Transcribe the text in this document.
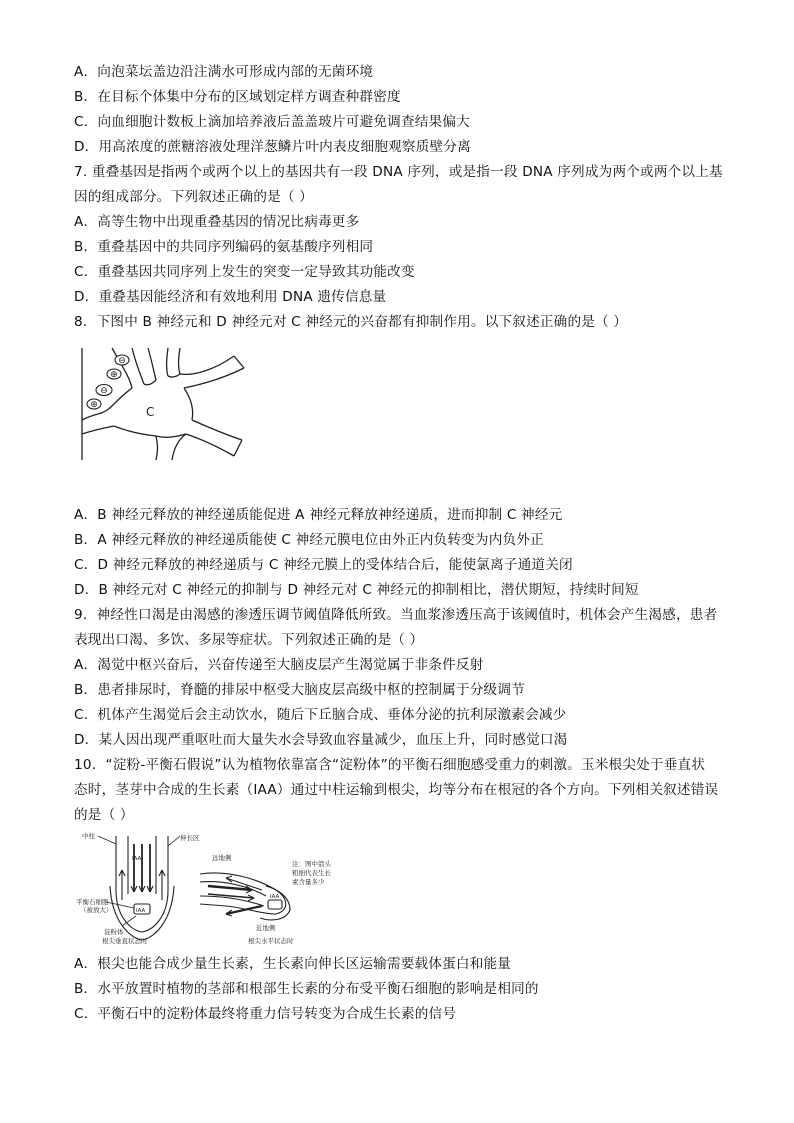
A．向泡菜坛盖边沿注满水可形成内部的无菌环境
B．在目标个体集中分布的区域划定样方调查种群密度
C．向血细胞计数板上滴加培养液后盖盖玻片可避免调查结果偏大
D．用高浓度的蔗糖溶液处理洋葱鳞片叶内表皮细胞观察质壁分离
7. 重叠基因是指两个或两个以上的基因共有一段 DNA 序列，或是指一段 DNA 序列成为两个或两个以上基
因的组成部分。下列叙述正确的是（ ）
A．高等生物中出现重叠基因的情况比病毒更多
B．重叠基因中的共同序列编码的氨基酸序列相同
C．重叠基因共同序列上发生的突变一定导致其功能改变
D．重叠基因能经济和有效地利用 DNA 遗传信息量
8．下图中 B 神经元和 D 神经元对 C 神经元的兴奋都有抑制作用。以下叙述正确的是（ ）
⊖
⊕
⊖
⊕	C
A．B 神经元释放的神经递质能促进 A 神经元释放神经递质，进而抑制 C 神经元
B．A 神经元释放的神经递质能使 C 神经元膜电位由外正内负转变为内负外正
C．D 神经元释放的神经递质与 C 神经元膜上的受体结合后，能使氯离子通道关闭
D．B 神经元对 C 神经元的抑制与 D 神经元对 C 神经元的抑制相比，潜伏期短，持续时间短
9．神经性口渴是由渴感的渗透压调节阈值降低所致。当血浆渗透压高于该阈值时，机体会产生渴感，患者
表现出口渴、多饮、多尿等症状。下列叙述正确的是（ ）
A．渴觉中枢兴奋后，兴奋传递至大脑皮层产生渴觉属于非条件反射
B．患者排尿时，脊髓的排尿中枢受大脑皮层高级中枢的控制属于分级调节
C．机体产生渴觉后会主动饮水，随后下丘脑合成、垂体分泌的抗利尿激素会减少
D．某人因出现严重呕吐而大量失水会导致血容量减少，血压上升，同时感觉口渴
10．“淀粉-平衡石假说”认为植物依靠富含“淀粉体”的平衡石细胞感受重力的刺激。玉米根尖处于垂直状
态时，茎芽中合成的生长素（IAA）通过中柱运输到根尖，均等分布在根冠的各个方向。下列相关叙述错误
的是（ ）
中柱	伸长区
IAA
IAA
平衡石细胞
（被放大）
淀粉体
根尖垂直状态时
远地侧
IAA
近地侧
根尖水平状态时
注：图中箭头
粗细代表生长
素含量多少
A．根尖也能合成少量生长素，生长素向伸长区运输需要载体蛋白和能量
B．水平放置时植物的茎部和根部生长素的分布受平衡石细胞的影响是相同的
C．平衡石中的淀粉体最终将重力信号转变为合成生长素的信号
